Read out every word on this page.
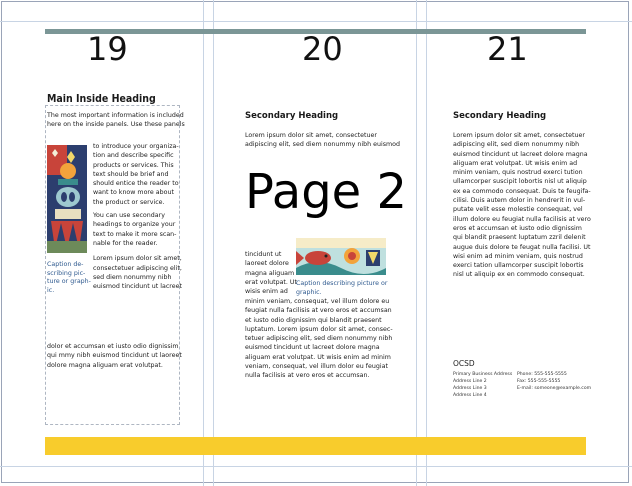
19	20	21
Main Inside Heading
The most important information is included
here on the inside panels. Use these panels
to introduce your organiza-
tion and describe specific
products or services. This
text should be brief and
should entice the reader to
want to know more about
the product or service.
You can use secondary
headings to organize your
text to make it more scan-
nable for the reader.
Lorem ipsum dolor sit amet,
consectetuer adipiscing elit,
sed diem nonummy nibh
euismod tincidunt ut lacreet
Caption de-
scribing pic-
ture or graph-
ic.
dolor et accumsan et iusto odio dignissim
qui mmy nibh euismod tincidunt ut laoreet
dolore magna aliguam erat volutpat.
Secondary Heading
Lorem ipsum dolor sit amet, consectetuer
adipiscing elit, sed diem nonummy nibh euismod
Page 2
tincidunt ut
laoreet dolore
magna aliguam
erat volutpat. Ut
wisis enim ad
Caption describing picture or
graphic.
minim veniam, consequat, vel illum dolore eu
feugiat nulla facilisis at vero eros et accumsan
et iusto odio dignissim qui blandit praesent
luptatum. Lorem ipsum dolor sit amet, consec-
tetuer adipiscing elit, sed diem nonummy nibh
euismod tincidunt ut lacreet dolore magna
aliguam erat volutpat. Ut wisis enim ad minim
veniam, consequat, vel illum dolor eu feugiat
nulla facilisis at vero eros et accumsan.
Secondary Heading
Lorem ipsum dolor sit amet, consectetuer
adipiscing elit, sed diem nonummy nibh
euismod tincidunt ut lacreet dolore magna
aliguam erat volutpat. Ut wisis enim ad
minim veniam, quis nostrud exerci tution
ullamcorper suscipit lobortis nisl ut aliquip
ex ea commodo consequat. Duis te feugifa-
cilisi. Duis autem dolor in hendrerit in vul-
putate velit esse molestie consequat, vel
illum dolore eu feugiat nulla facilisis at vero
eros et accumsan et iusto odio dignissim
qui blandit praesent luptatum zzril delenit
augue duis dolore te feugat nulla facilisi. Ut
wisi enim ad minim veniam, quis nostrud
exerci tation ullamcorper suscipit lobortis
nisl ut aliquip ex en commodo consequat.
OCSD
Primary Business Address
Address Line 2
Address Line 3
Address Line 4
Phone: 555-555-5555
Fax: 555-555-5555
E-mail: someone@example.com
